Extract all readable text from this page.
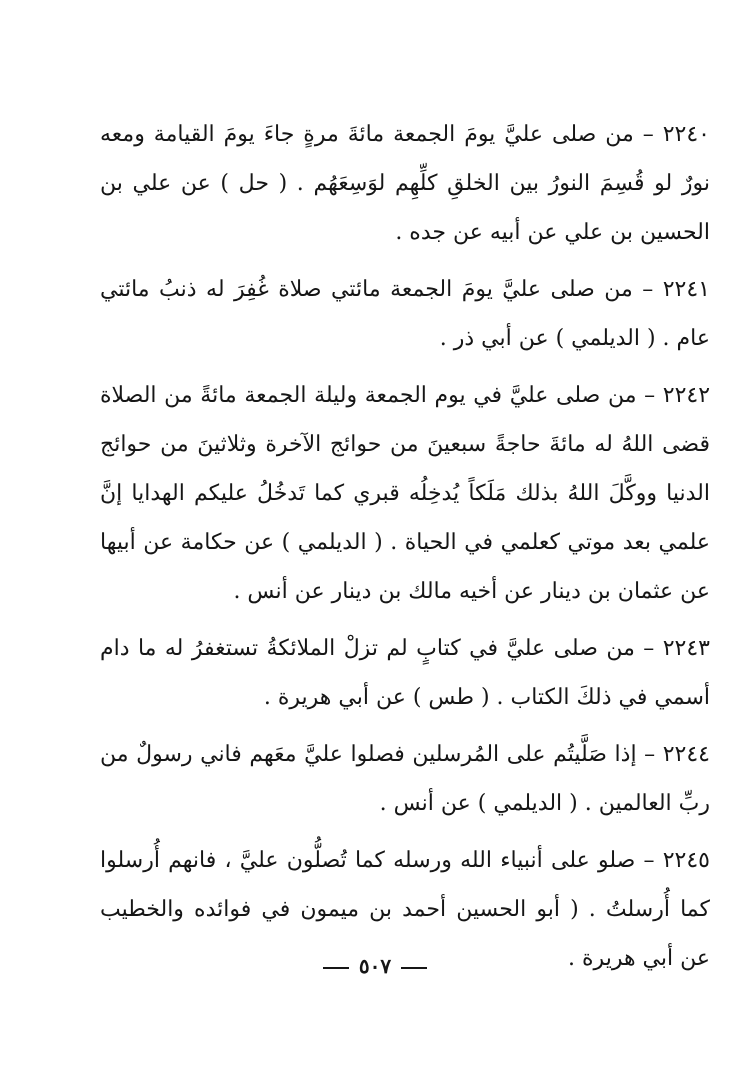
٢٢٤٠ – من صلى عليَّ يومَ الجمعة مائةَ مرةٍ جاءَ يومَ القيامة ومعه نورٌ لو قُسِمَ النورُ بين الخلقِ كلِّهِم لوَسِعَهُم . ( حل ) عن علي بن الحسين بن علي عن أبيه عن جده .

٢٢٤١ – من صلى عليَّ يومَ الجمعة مائتي صلاة غُفِرَ له ذنبُ مائتي عام . ( الديلمي ) عن أبي ذر .

٢٢٤٢ – من صلى عليَّ في يوم الجمعة وليلة الجمعة مائةً من الصلاة قضى اللهُ له مائةَ حاجةً سبعينَ من حوائج الآخرة وثلاثينَ من حوائج الدنيا ووكَّلَ اللهُ بذلك مَلَكاً يُدخِلُه قبري كما تَدخُلُ عليكم الهدايا إنَّ علمي بعد موتي كعلمي في الحياة . ( الديلمي ) عن حكامة عن أبيها عن عثمان بن دينار عن أخيه مالك بن دينار عن أنس .

٢٢٤٣ – من صلى عليَّ في كتابٍ لم تزلْ الملائكةُ تستغفرُ له ما دام أسمي في ذلكَ الكتاب . ( طس ) عن أبي هريرة .

٢٢٤٤ – إذا صَلَّيتُم على المُرسلين فصلوا عليَّ معَهم فاني رسولٌ من ربِّ العالمين . ( الديلمي ) عن أنس .

٢٢٤٥ – صلو على أنبياء الله ورسله كما تُصلُّون عليَّ ، فانهم أُرسلوا كما أُرسلتُ . ( أبو الحسين أحمد بن ميمون في فوائده والخطيب عن أبي هريرة .

٥٠٧
